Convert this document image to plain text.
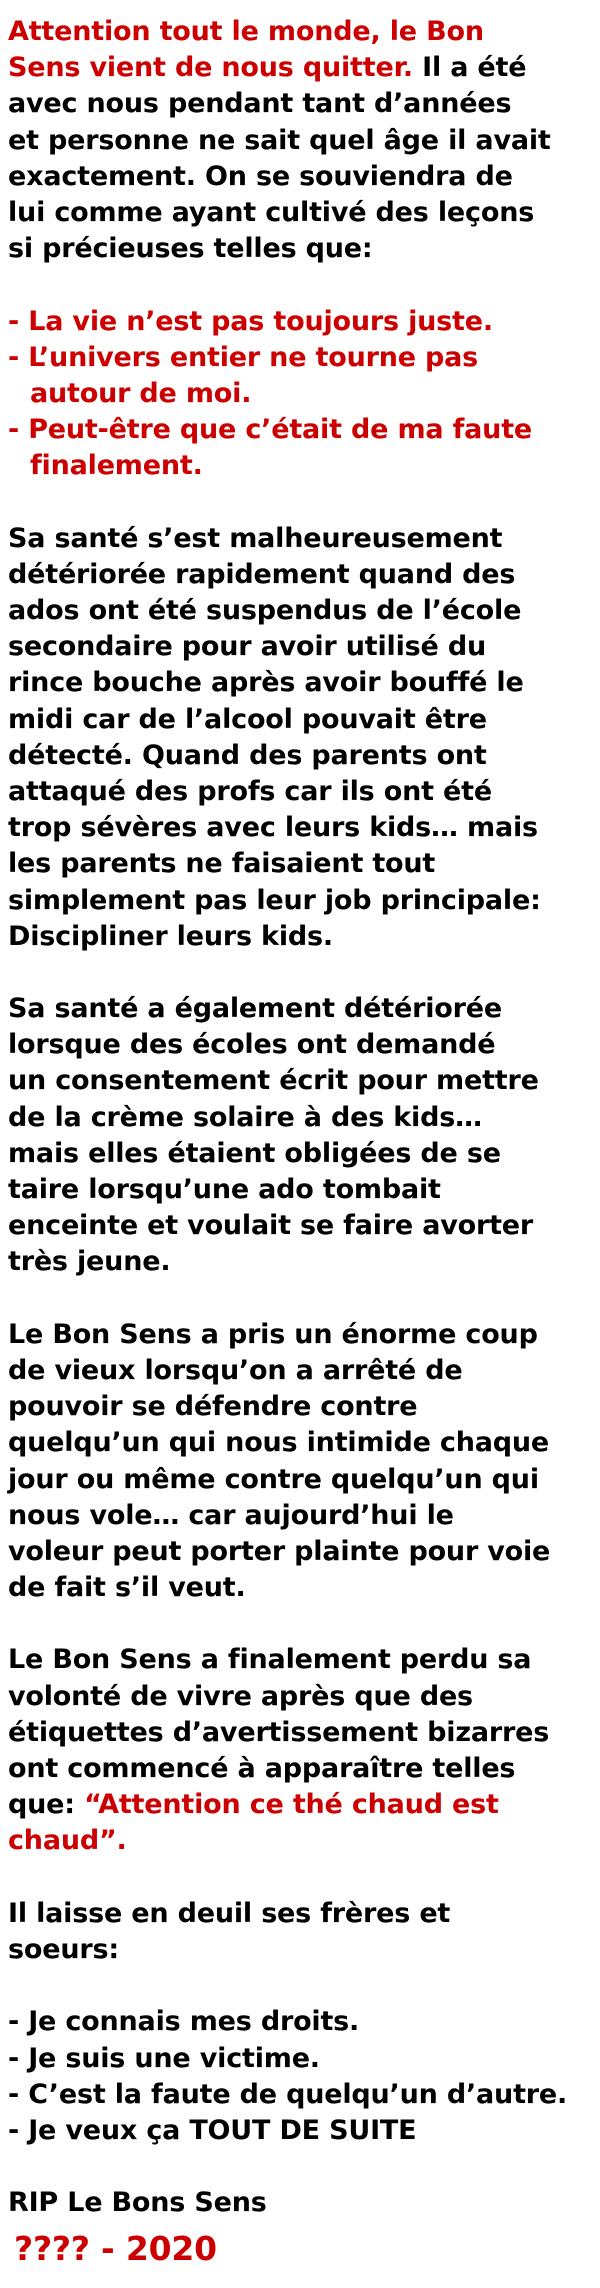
Attention tout le monde, le Bon
Sens vient de nous quitter. Il a été
avec nous pendant tant d’années
et personne ne sait quel âge il avait
exactement. On se souviendra de
lui comme ayant cultivé des leçons
si précieuses telles que:
- La vie n’est pas toujours juste.
- L’univers entier ne tourne pas
autour de moi.
- Peut-être que c’était de ma faute
finalement.
Sa santé s’est malheureusement
détériorée rapidement quand des
ados ont été suspendus de l’école
secondaire pour avoir utilisé du
rince bouche après avoir bouffé le
midi car de l’alcool pouvait être
détecté. Quand des parents ont
attaqué des profs car ils ont été
trop sévères avec leurs kids… mais
les parents ne faisaient tout
simplement pas leur job principale:
Discipliner leurs kids.
Sa santé a également détériorée
lorsque des écoles ont demandé
un consentement écrit pour mettre
de la crème solaire à des kids…
mais elles étaient obligées de se
taire lorsqu’une ado tombait
enceinte et voulait se faire avorter
très jeune.
Le Bon Sens a pris un énorme coup
de vieux lorsqu’on a arrêté de
pouvoir se défendre contre
quelqu’un qui nous intimide chaque
jour ou même contre quelqu’un qui
nous vole… car aujourd’hui le
voleur peut porter plainte pour voie
de fait s’il veut.
Le Bon Sens a finalement perdu sa
volonté de vivre après que des
étiquettes d’avertissement bizarres
ont commencé à apparaître telles
que: “Attention ce thé chaud est
chaud”.
Il laisse en deuil ses frères et
soeurs:
- Je connais mes droits.
- Je suis une victime.
- C’est la faute de quelqu’un d’autre.
- Je veux ça TOUT DE SUITE
RIP Le Bons Sens
???? - 2020
